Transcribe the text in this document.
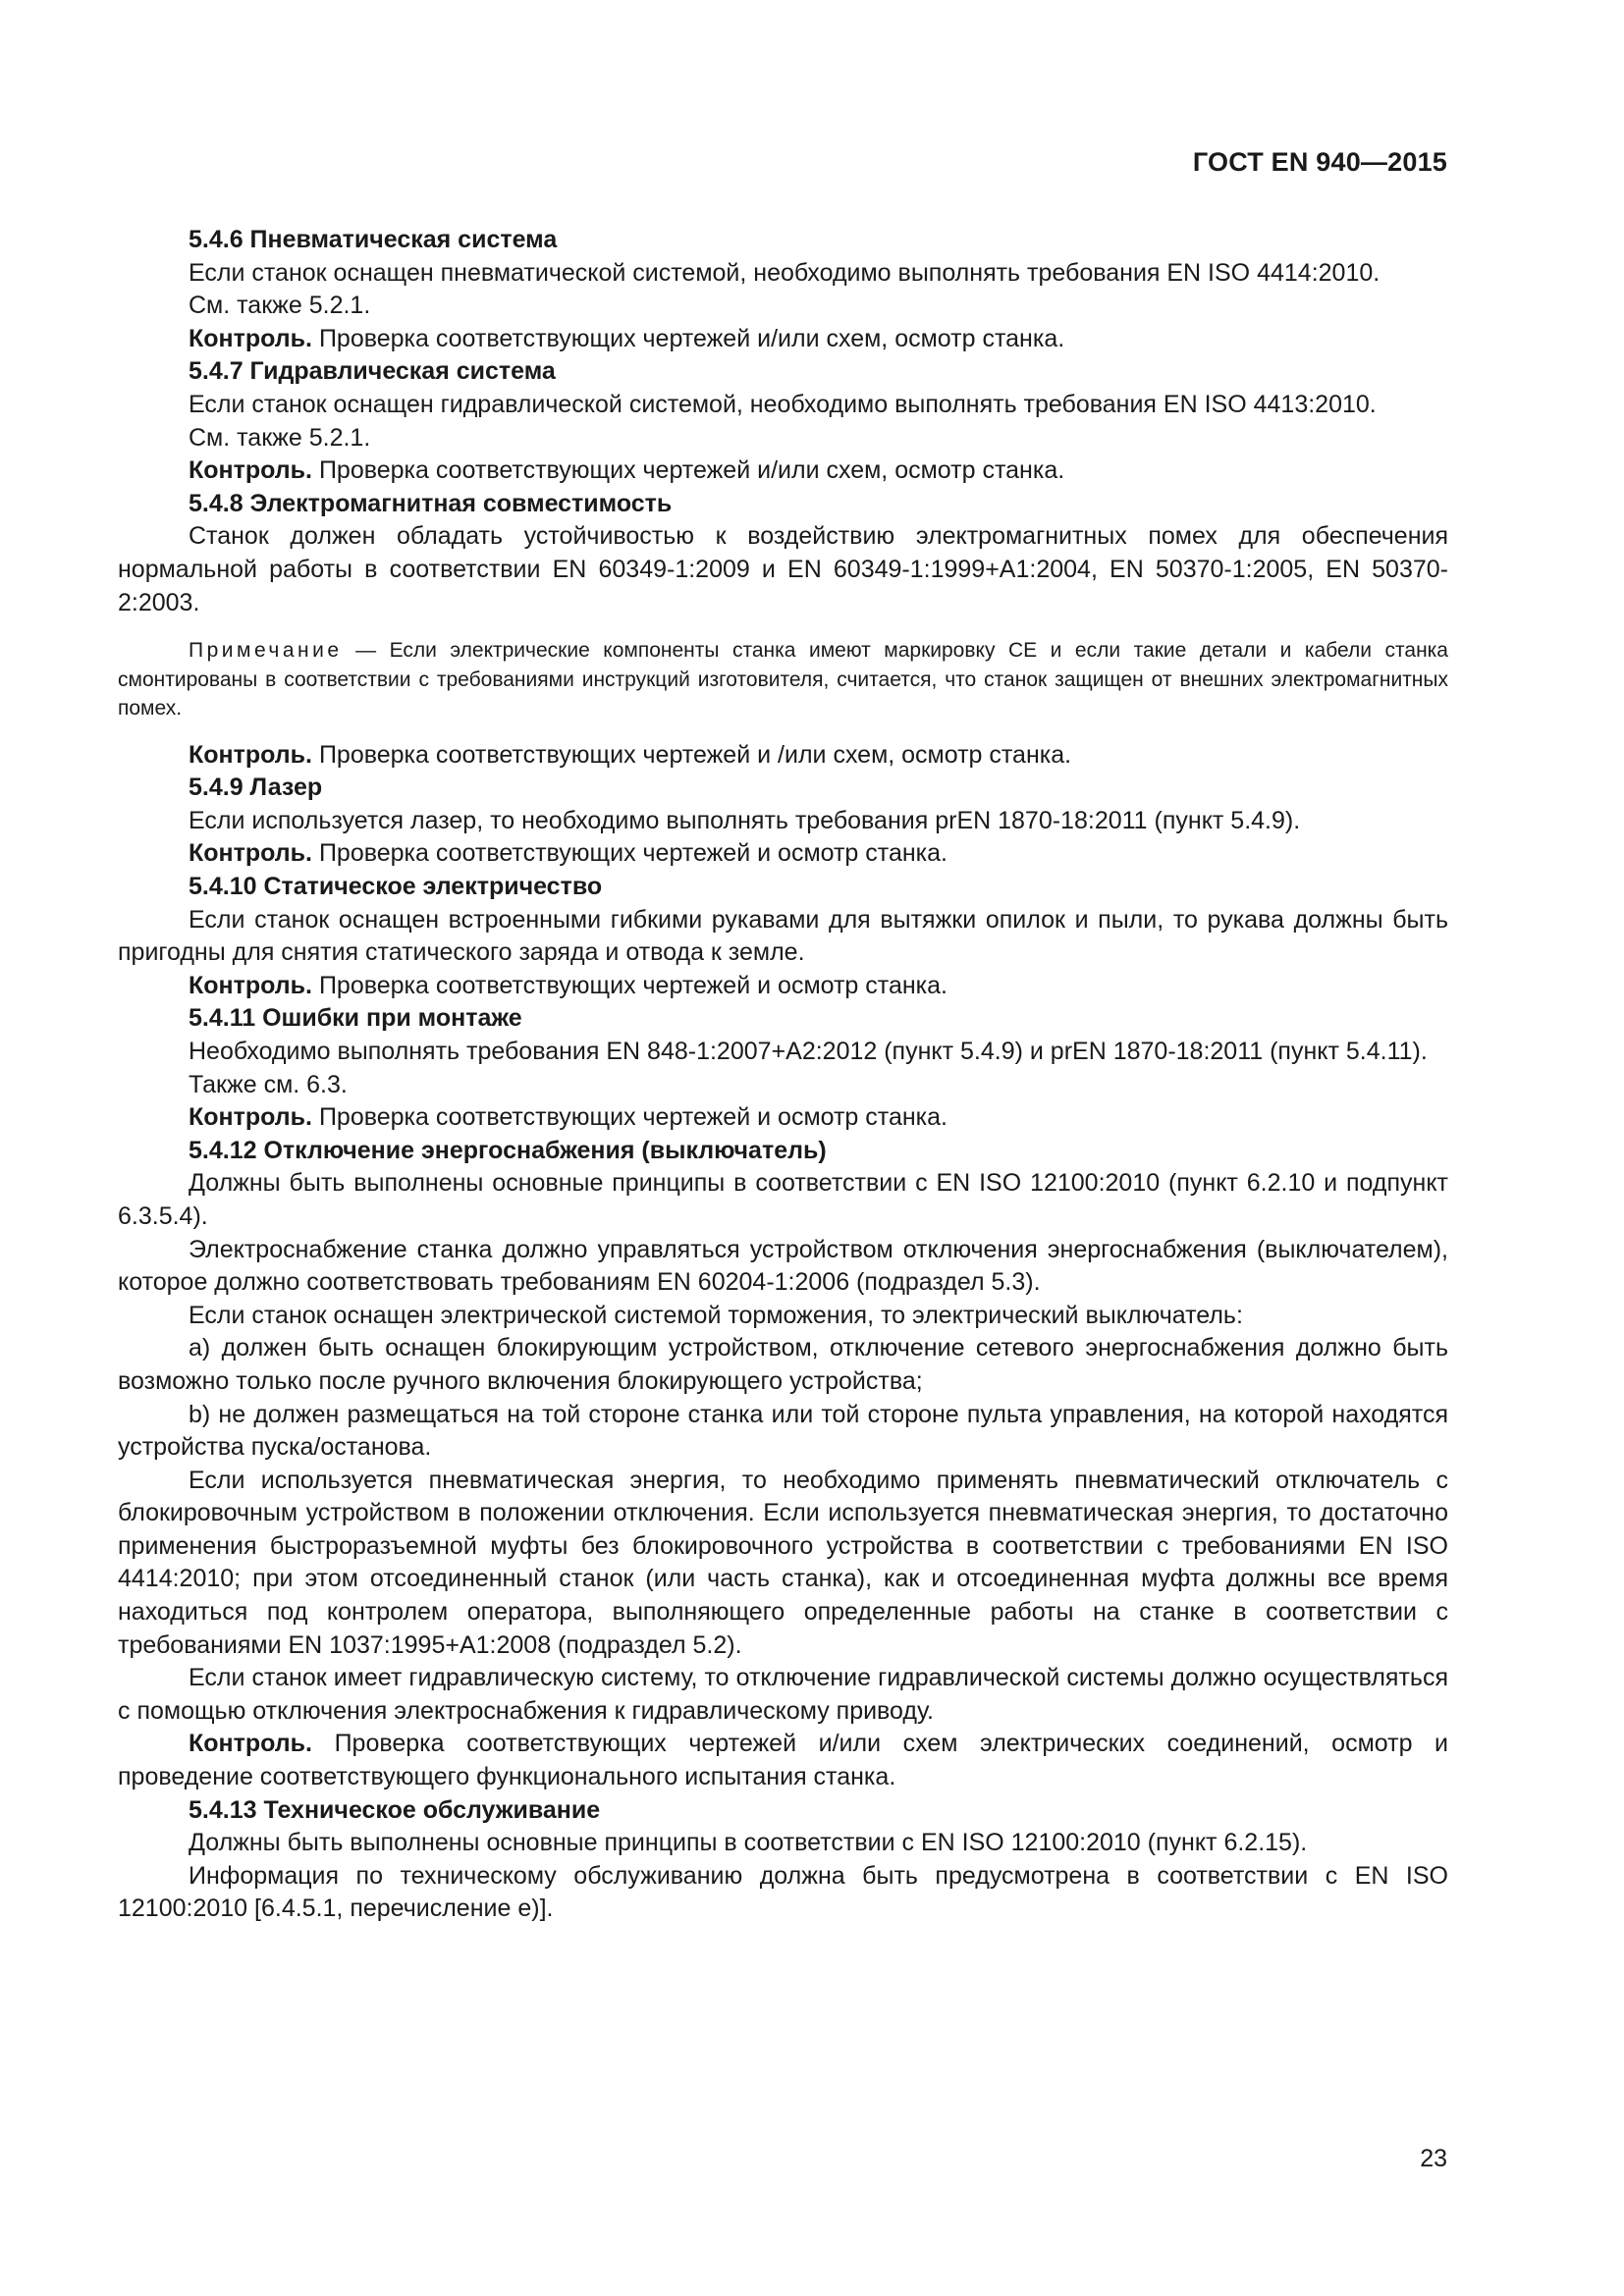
ГОСТ EN 940—2015

5.4.6 Пневматическая система

Если станок оснащен пневматической системой, необходимо выполнять требования EN ISO 4414:2010.

См. также 5.2.1.

Контроль. Проверка соответствующих чертежей и/или схем, осмотр станка.

5.4.7 Гидравлическая система

Если станок оснащен гидравлической системой, необходимо выполнять требования EN ISO 4413:2010.

См. также 5.2.1.

Контроль. Проверка соответствующих чертежей и/или схем, осмотр станка.

5.4.8 Электромагнитная совместимость

Станок должен обладать устойчивостью к воздействию электромагнитных помех для обеспечения нормальной работы в соответствии EN 60349-1:2009 и EN 60349-1:1999+A1:2004, EN 50370-1:2005, EN 50370-2:2003.

Примечание — Если электрические компоненты станка имеют маркировку CE и если такие детали и кабели станка смонтированы в соответствии с требованиями инструкций изготовителя, считается, что станок защищен от внешних электромагнитных помех.

Контроль. Проверка соответствующих чертежей и /или схем, осмотр станка.

5.4.9 Лазер

Если используется лазер, то необходимо выполнять требования prEN 1870-18:2011 (пункт 5.4.9).

Контроль. Проверка соответствующих чертежей и осмотр станка.

5.4.10 Статическое электричество

Если станок оснащен встроенными гибкими рукавами для вытяжки опилок и пыли, то рукава должны быть пригодны для снятия статического заряда и отвода к земле.

Контроль. Проверка соответствующих чертежей и осмотр станка.

5.4.11 Ошибки при монтаже

Необходимо выполнять требования EN 848-1:2007+A2:2012 (пункт 5.4.9) и prEN 1870-18:2011 (пункт 5.4.11).

Также см. 6.3.

Контроль. Проверка соответствующих чертежей и осмотр станка.

5.4.12 Отключение энергоснабжения (выключатель)

Должны быть выполнены основные принципы в соответствии с EN ISO 12100:2010 (пункт 6.2.10 и подпункт 6.3.5.4).

Электроснабжение станка должно управляться устройством отключения энергоснабжения (выключателем), которое должно соответствовать требованиям EN 60204-1:2006 (подраздел 5.3).

Если станок оснащен электрической системой торможения, то электрический выключатель:

a) должен быть оснащен блокирующим устройством, отключение сетевого энергоснабжения должно быть возможно только после ручного включения блокирующего устройства;

b) не должен размещаться на той стороне станка или той стороне пульта управления, на которой находятся устройства пуска/останова.

Если используется пневматическая энергия, то необходимо применять пневматический отключатель с блокировочным устройством в положении отключения. Если используется пневматическая энергия, то достаточно применения быстроразъемной муфты без блокировочного устройства в соответствии с требованиями EN ISO 4414:2010; при этом отсоединенный станок (или часть станка), как и отсоединенная муфта должны все время находиться под контролем оператора, выполняющего определенные работы на станке в соответствии с требованиями EN 1037:1995+A1:2008 (подраздел 5.2).

Если станок имеет гидравлическую систему, то отключение гидравлической системы должно осуществляться с помощью отключения электроснабжения к гидравлическому приводу.

Контроль. Проверка соответствующих чертежей и/или схем электрических соединений, осмотр и проведение соответствующего функционального испытания станка.

5.4.13 Техническое обслуживание

Должны быть выполнены основные принципы в соответствии с EN ISO 12100:2010 (пункт 6.2.15).

Информация по техническому обслуживанию должна быть предусмотрена в соответствии с EN ISO 12100:2010 [6.4.5.1, перечисление e)].

23
